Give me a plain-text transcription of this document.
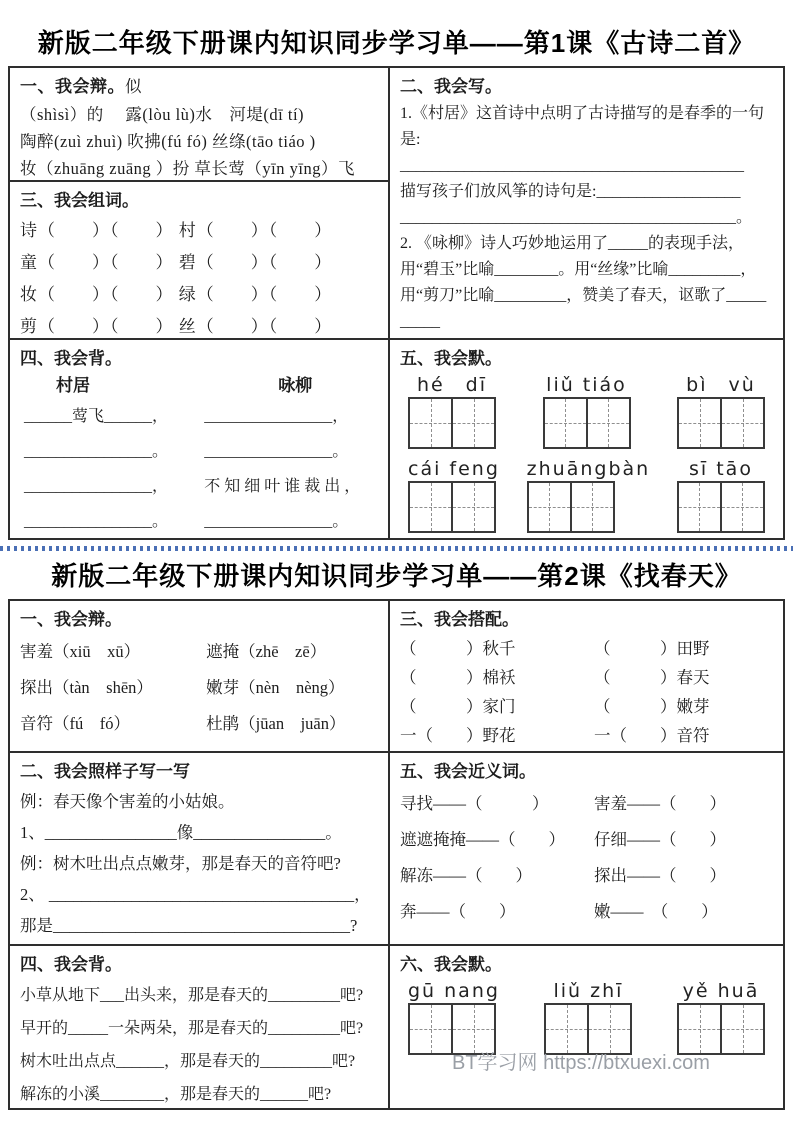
新版二年级下册课内知识同步学习单——第1课《古诗二首》
一、我会辩。似
（shìsì）的　 露(lòu lù)水　河堤(dī tí)
陶醉(zuì zhuì) 吹拂(fú fó) 丝绦(tāo tiáo )
妆（zhuāng zuāng ）扮 草长莺（yīn yīng）飞
三、我会组词。
诗（　　）（　　） 村（　　）（　　）
童（　　）（　　） 碧（　　）（　　）
妆（　　）（　　） 绿（　　）（　　）
剪（　　）（　　） 丝（　　）（　　）
四、我会背。
村居	咏柳
______莺飞______，	________________，
________________。	________________。
________________，	不 知 细 叶 谁 裁 出 ，
________________。	________________。
二、我会写。
1.《村居》这首诗中点明了古诗描写的是春季的一句是:
___________________________________________
描写孩子们放风筝的诗句是:__________________
__________________________________________。
2. 《咏柳》诗人巧妙地运用了_____的表现手法，用“碧玉”比喻________。用“丝缘”比喻_________，用“剪刀”比喻_________，赞美了春天，讴歌了__________
五、我会默。
hé　dī	liǔ tiáo	bì　vù
cái feng zhuāngbàn	sī tāo
新版二年级下册课内知识同步学习单——第2课《找春天》
一、我会辩。
害羞（xiū　xū）	遮掩（zhē　zē）
探出（tàn　shēn）	嫩芽（nèn　nèng）
音符（fú　fó）	杜鹃（jūan　juān）
二、我会照样子写一写
例：春天像个害羞的小姑娘。
1、________________像________________。
例：树木吐出点点嫩芽，那是春天的音符吧?
2、 _____________________________________，
那是____________________________________?
四、我会背。
小草从地下___出头来，那是春天的_________吧?
早开的_____一朵两朵，那是春天的_________吧?
树木吐出点点______，那是春天的_________吧?
解冻的小溪________，那是春天的______吧?
三、我会搭配。
（　　　）秋千	（　　　）田野
（　　　）棉袄	（　　　）春天
（　　　）家门	（　　　）嫩芽
一（　　）野花	一（　　）音符
五、我会近义词。
寻找——（　　　）	害羞——（　　）
遮遮掩掩——（　　）	仔细——（　　）
解冻——（　　）	探出——（　　）
奔——（　　）	嫩——　（　　）
六、我会默。
gū nang	liǔ zhī	yě huā
BT学习网 https://btxuexi.com
